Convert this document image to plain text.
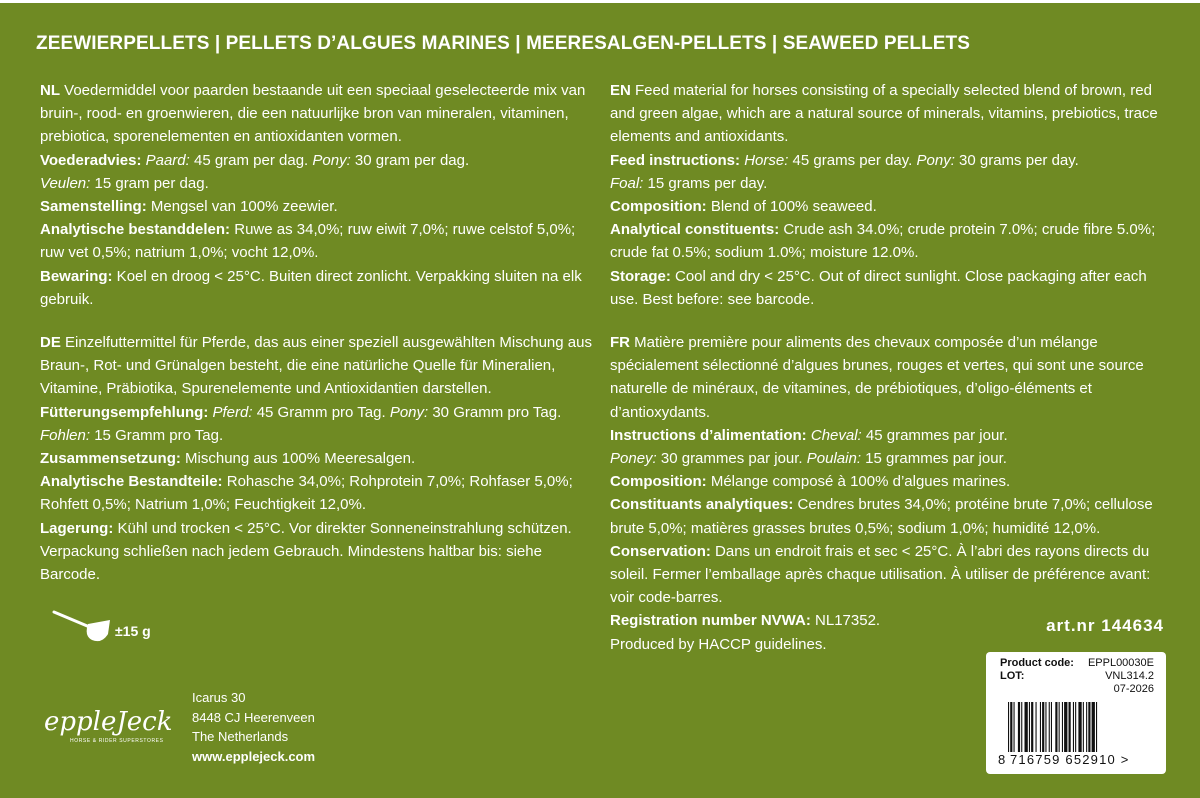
ZEEWIERPELLETS | PELLETS D’ALGUES MARINES | MEERESALGEN-PELLETS | SEAWEED PELLETS

NL Voedermiddel voor paarden bestaande uit een speciaal geselecteerde mix van bruin-, rood- en groenwieren, die een natuurlijke bron van mineralen, vitaminen, prebiotica, sporenelementen en antioxidanten vormen.

Voederadvies: Paard: 45 gram per dag. Pony: 30 gram per dag.

Veulen: 15 gram per dag.

Samenstelling: Mengsel van 100% zeewier.

Analytische bestanddelen: Ruwe as 34,0%; ruw eiwit 7,0%; ruwe celstof 5,0%; ruw vet 0,5%; natrium 1,0%; vocht 12,0%.

Bewaring: Koel en droog < 25°C. Buiten direct zonlicht. Verpakking sluiten na elk gebruik.

EN Feed material for horses consisting of a specially selected blend of brown, red and green algae, which are a natural source of minerals, vitamins, prebiotics, trace elements and antioxidants.

Feed instructions: Horse: 45 grams per day. Pony: 30 grams per day.

Foal: 15 grams per day.

Composition: Blend of 100% seaweed.

Analytical constituents: Crude ash 34.0%; crude protein 7.0%; crude fibre 5.0%; crude fat 0.5%; sodium 1.0%; moisture 12.0%.

Storage: Cool and dry < 25°C. Out of direct sunlight. Close packaging after each use. Best before: see barcode.

DE Einzelfuttermittel für Pferde, das aus einer speziell ausgewählten Mischung aus Braun-, Rot- und Grünalgen besteht, die eine natürliche Quelle für Mineralien, Vitamine, Präbiotika, Spurenelemente und Antioxidantien darstellen.

Fütterungsempfehlung: Pferd: 45 Gramm pro Tag. Pony: 30 Gramm pro Tag.

Fohlen: 15 Gramm pro Tag.

Zusammensetzung: Mischung aus 100% Meeresalgen.

Analytische Bestandteile: Rohasche 34,0%; Rohprotein 7,0%; Rohfaser 5,0%; Rohfett 0,5%; Natrium 1,0%; Feuchtigkeit 12,0%.

Lagerung: Kühl und trocken < 25°C. Vor direkter Sonneneinstrahlung schützen. Verpackung schließen nach jedem Gebrauch. Mindestens haltbar bis: siehe Barcode.

FR Matière première pour aliments des chevaux composée d’un mélange spécialement sélectionné d’algues brunes, rouges et vertes, qui sont une source naturelle de minéraux, de vitamines, de prébiotiques, d’oligo-éléments et d’antioxydants.

Instructions d’alimentation: Cheval: 45 grammes par jour.

Poney: 30 grammes par jour. Poulain: 15 grammes par jour.

Composition: Mélange composé à 100% d’algues marines.

Constituants analytiques: Cendres brutes 34,0%; protéine brute 7,0%; cellulose brute 5,0%; matières grasses brutes 0,5%; sodium 1,0%; humidité 12,0%.

Conservation: Dans un endroit frais et sec < 25°C. À l’abri des rayons directs du soleil. Fermer l’emballage après chaque utilisation. À utiliser de préférence avant: voir code-barres.

Registration number NVWA: NL17352.

Produced by HACCP guidelines.

±15 g	art.nr 144634
eppleJeck
HORSE & RIDER SUPERSTORES
Icarus 30
8448 CJ Heerenveen
The Netherlands
www.epplejeck.com
Product code: EPPL00030E
LOT:	VNL314.2
07-2026
8 716759 652910 >
